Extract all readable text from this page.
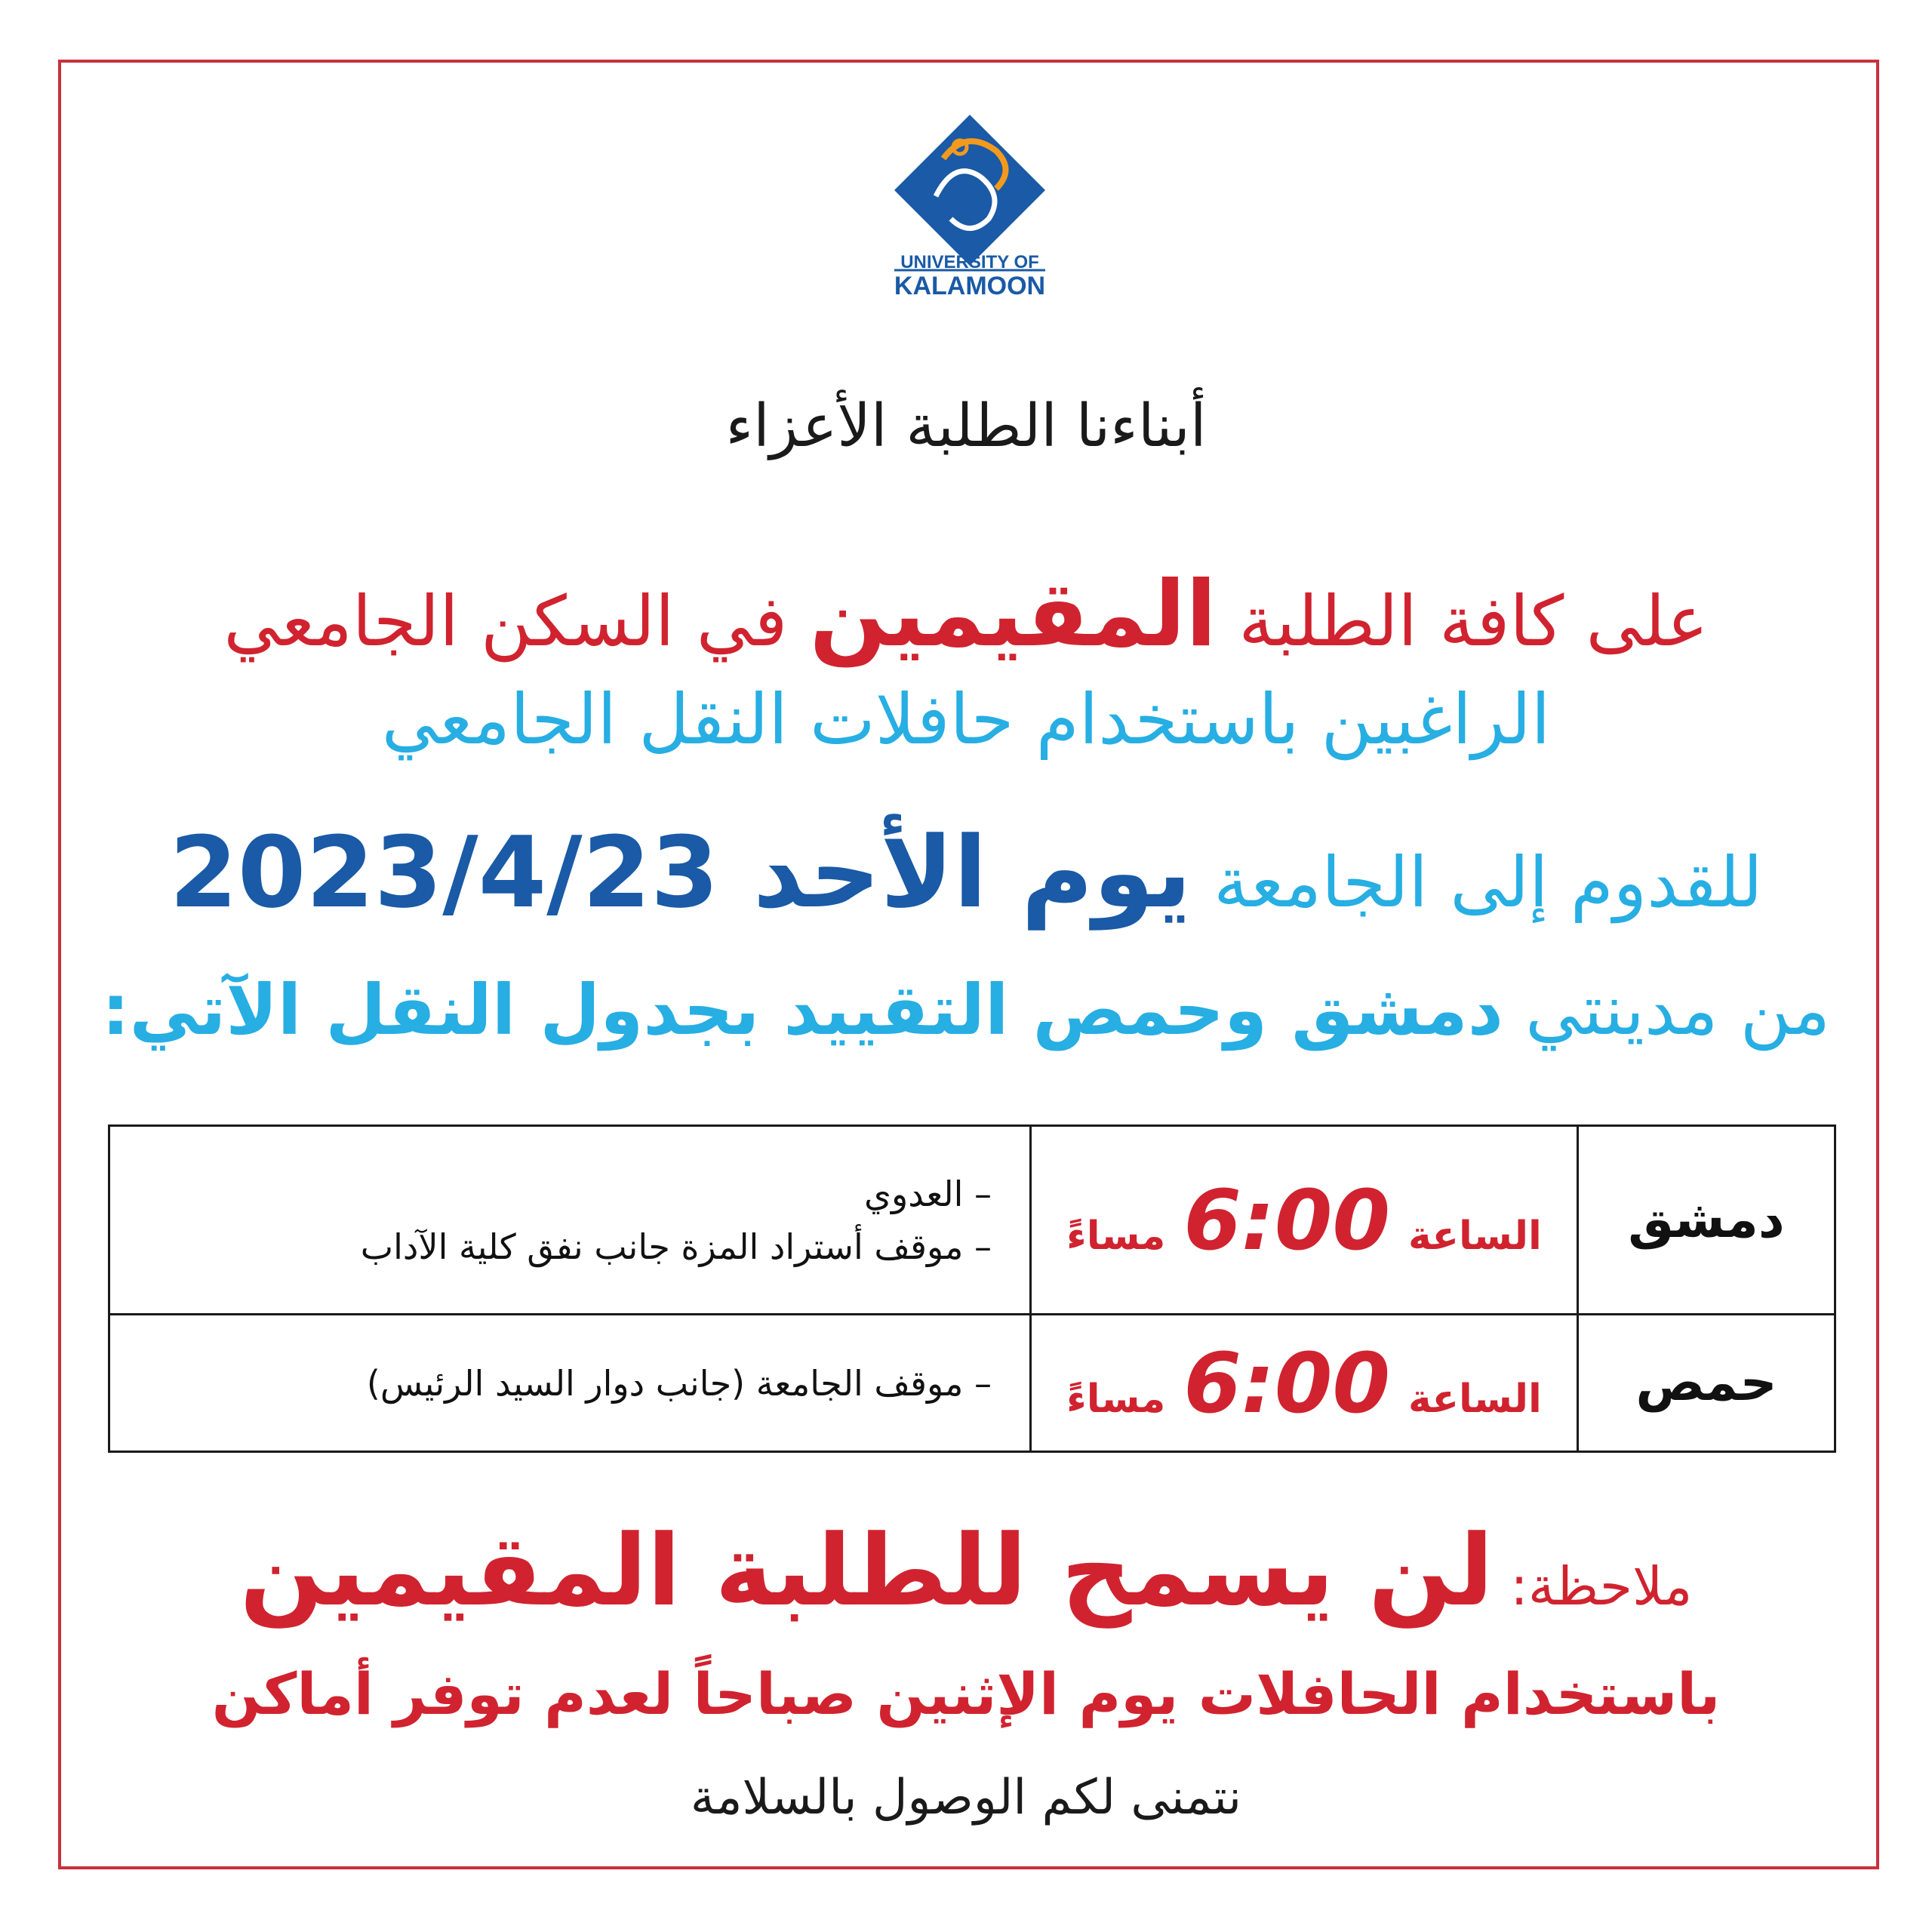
UNIVERSITY OF
KALAMOON
أبناءنا الطلبة الأعزاء
على كافة الطلبة المقيمين في السكن الجامعي
الراغبين باستخدام حافلات النقل الجامعي
للقدوم إلى الجامعة يوم الأحد 2023/4/23
من مدينتي دمشق وحمص التقييد بجدول النقل الآتي:
دمشق	الساعة6:00مساءً	– العدوي
– موقف أستراد المزة جانب نفق كلية الآداب

حمص	الساعة6:00مساءً	– موقف الجامعة (جانب دوار السيد الرئيس)
ملاحظة: لن يسمح للطلبة المقيمين
باستخدام الحافلات يوم الإثنين صباحاً لعدم توفر أماكن
نتمنى لكم الوصول بالسلامة
